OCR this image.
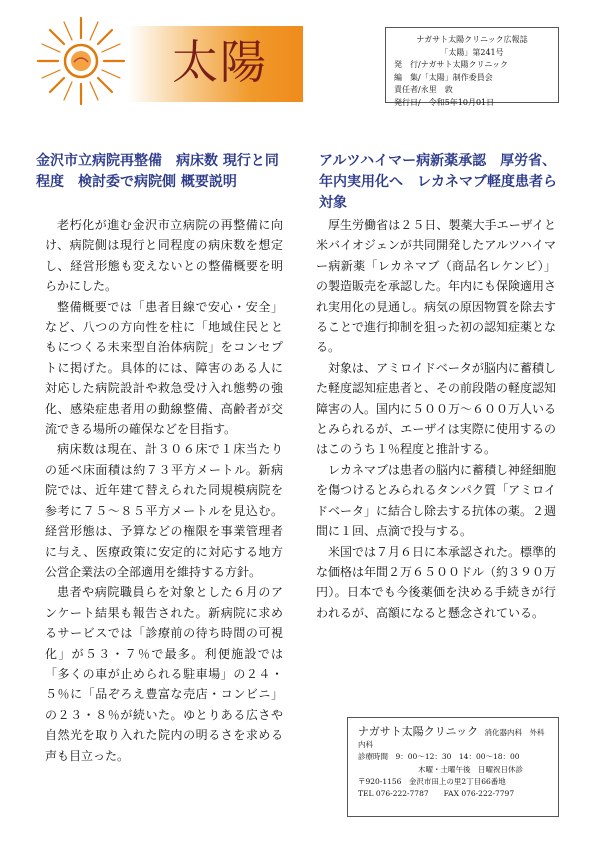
太陽	ナガサト太陽クリニック広報誌
「太陽」第241号
発　行/ナガサト太陽クリニック
編　集/「太陽」制作委員会
責任者/永里　敦
発行日/　令和5年10月01日
金沢市立病院再整備　病床数 現行と同程度　検討委で病院側 概要説明
アルツハイマー病新薬承認　厚労省、年内実用化へ　レカネマブ軽度患者ら対象

老朽化が進む金沢市立病院の再整備に向け、病院側は現行と同程度の病床数を想定し、経営形態も変えないとの整備概要を明らかにした。

整備概要では「患者目線で安心・安全」など、八つの方向性を柱に「地域住民とともにつくる未来型自治体病院」をコンセプトに掲げた。具体的には、障害のある人に対応した病院設計や救急受け入れ態勢の強化、感染症患者用の動線整備、高齢者が交流できる場所の確保などを目指す。

病床数は現在、計３０６床で１床当たりの延べ床面積は約７３平方メートル。新病院では、近年建て替えられた同規模病院を参考に７５～８５平方メートルを見込む。経営形態は、予算などの権限を事業管理者に与え、医療政策に安定的に対応する地方公営企業法の全部適用を維持する方針。

患者や病院職員らを対象とした６月のアンケート結果も報告された。新病院に求めるサービスでは「診療前の待ち時間の可視化」が５３・７％で最多。利便施設では「多くの車が止められる駐車場」の２４・５％に「品ぞろえ豊富な売店・コンビニ」の２３・８％が続いた。ゆとりある広さや自然光を取り入れた院内の明るさを求める声も目立った。

厚生労働省は２５日、製薬大手エーザイと米バイオジェンが共同開発したアルツハイマー病新薬「レカネマブ（商品名レケンビ）」の製造販売を承認した。年内にも保険適用され実用化の見通し。病気の原因物質を除去することで進行抑制を狙った初の認知症薬となる。

対象は、アミロイドベータが脳内に蓄積した軽度認知症患者と、その前段階の軽度認知障害の人。国内に５００万～６００万人いるとみられるが、エーザイは実際に使用するのはこのうち１％程度と推計する。

レカネマブは患者の脳内に蓄積し神経細胞を傷つけるとみられるタンパク質「アミロイドベータ」に結合し除去する抗体の薬。２週間に１回、点滴で投与する。

米国では７月６日に本承認された。標準的な価格は年間２万６５００ドル（約３９０万円）。日本でも今後薬価を決める手続きが行われるが、高額になると懸念されている。

ナガサト太陽クリニック 消化器内科　外科　内科
診療時間　9：00～12：30　14：00～18：00
木曜・土曜午後　日曜祝日休診
〒920-1156　金沢市田上の里2丁目66番地
TEL 076-222-7787　　FAX 076-222-7797
